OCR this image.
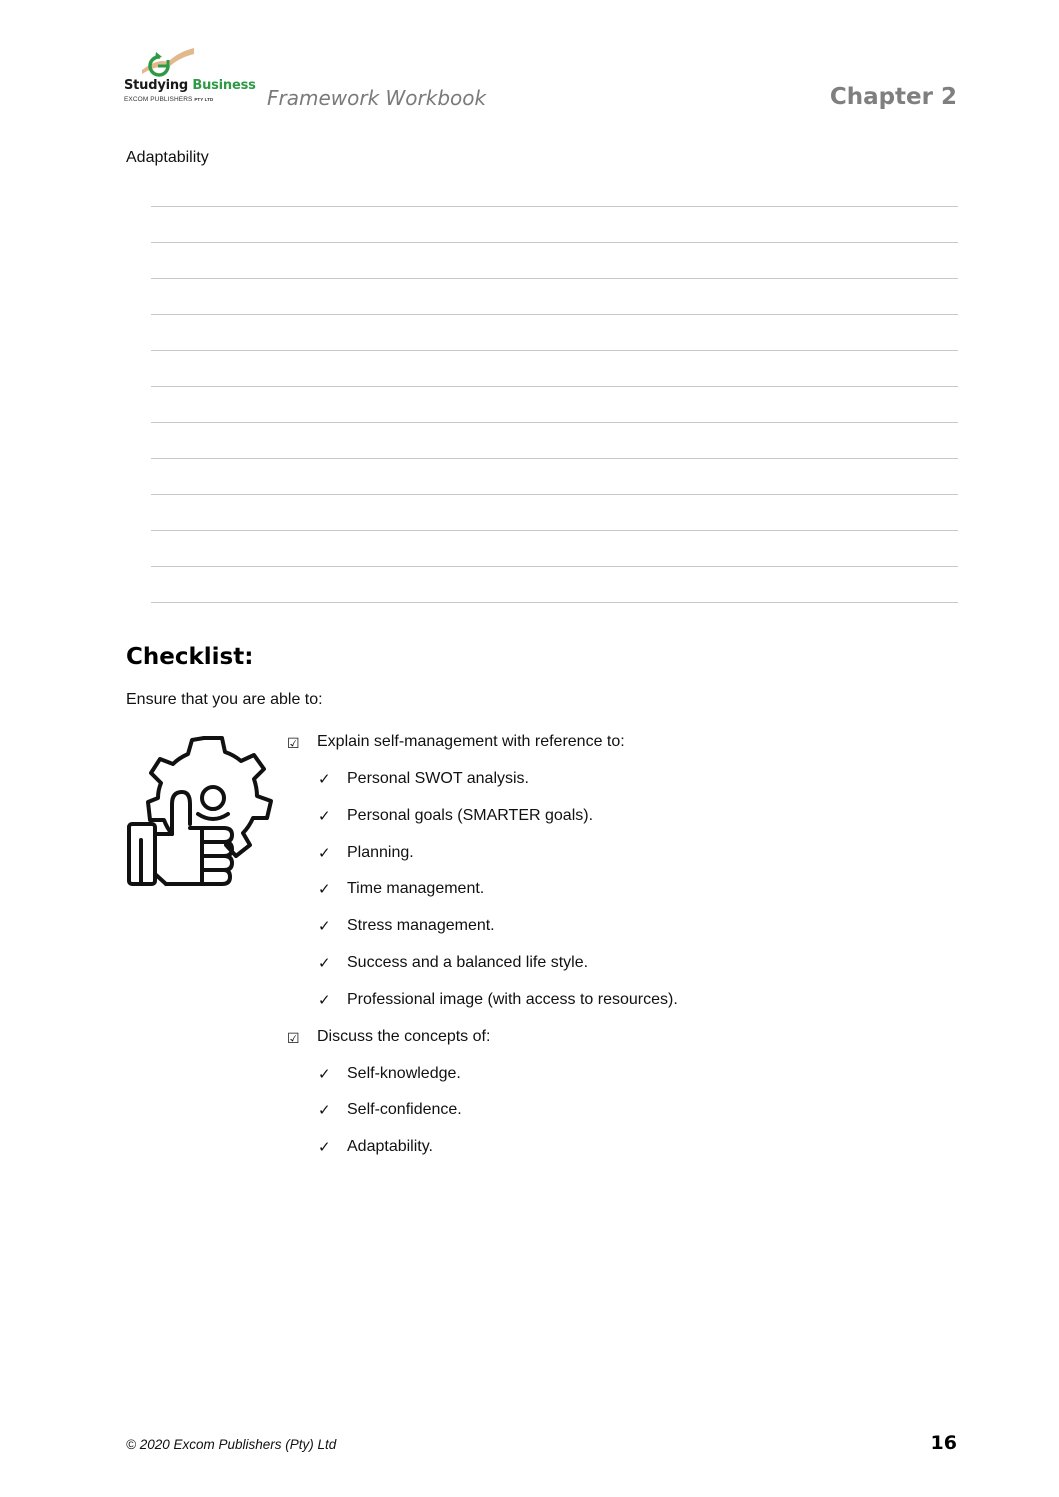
Studying Business
EXCOM PUBLISHERS PTY LTD	Framework Workbook	Chapter 2
Adaptability
Checklist:
Ensure that you are able to:
☑ Explain self-management with reference to:
✓ Personal SWOT analysis.
✓ Personal goals (SMARTER goals).
✓ Planning.
✓ Time management.
✓ Stress management.
✓ Success and a balanced life style.
✓ Professional image (with access to resources).
☑ Discuss the concepts of:
✓ Self-knowledge.
✓ Self-confidence.
✓ Adaptability.
© 2020 Excom Publishers (Pty) Ltd	16
